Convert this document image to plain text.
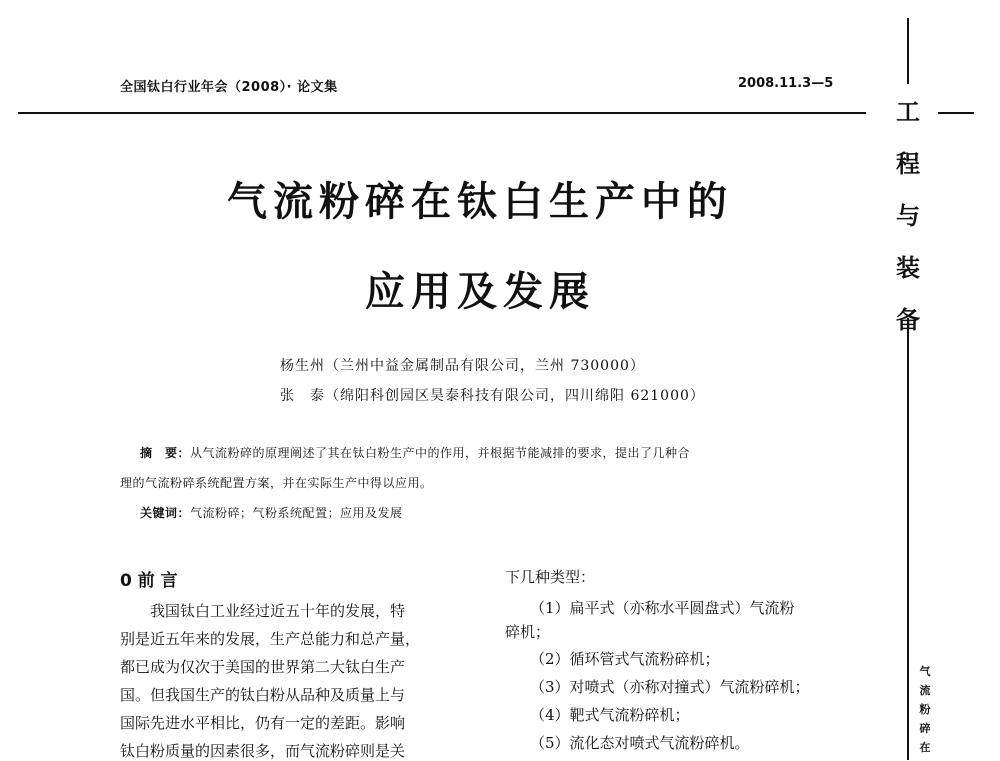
全国钛白行业年会（2008）· 论文集	2008.11.3—5
工
程
与
装
备
气
流
粉
碎
在
气流粉碎在钛白生产中的
应用及发展
杨生州（兰州中益金属制品有限公司，兰州 730000）
张　泰（绵阳科创园区昊泰科技有限公司，四川绵阳 621000）
摘　要：从气流粉碎的原理阐述了其在钛白粉生产中的作用，并根据节能减排的要求，提出了几种合
理的气流粉碎系统配置方案，并在实际生产中得以应用。
关键词：气流粉碎；气粉系统配置；应用及发展
0 前 言
　　我国钛白工业经过近五十年的发展，特
别是近五年来的发展，生产总能力和总产量，
都已成为仅次于美国的世界第二大钛白生产
国。但我国生产的钛白粉从品种及质量上与
国际先进水平相比，仍有一定的差距。影响
钛白粉质量的因素很多，而气流粉碎则是关
下几种类型：
（1）扁平式（亦称水平圆盘式）气流粉
碎机；
（2）循环管式气流粉碎机；
（3）对喷式（亦称对撞式）气流粉碎机；
（4）靶式气流粉碎机；
（5）流化态对喷式气流粉碎机。
